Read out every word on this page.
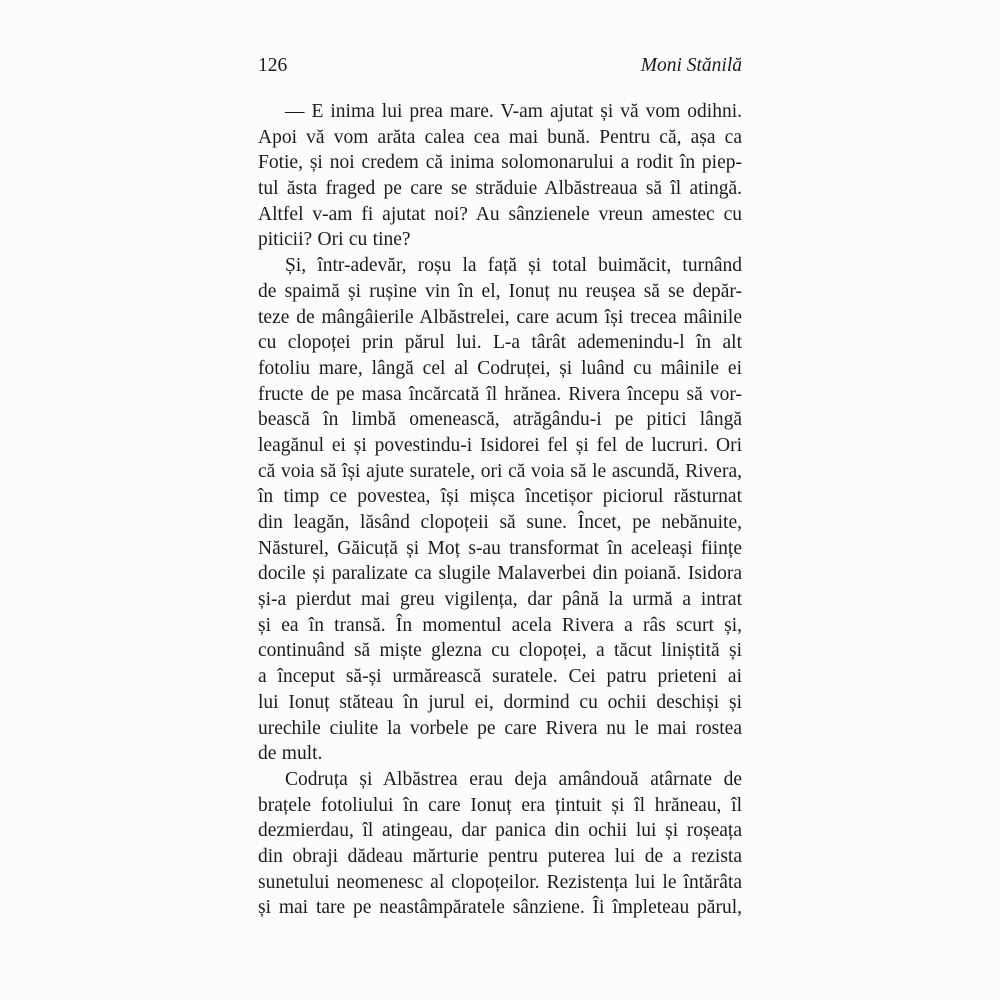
126	Moni Stănilă
— E inima lui prea mare. V-am ajutat și vă vom odihni.
Apoi vă vom arăta calea cea mai bună. Pentru că, așa ca
Fotie, și noi credem că inima solomonarului a rodit în piep-
tul ăsta fraged pe care se străduie Albăstreaua să îl atingă.
Altfel v-am fi ajutat noi? Au sânzienele vreun amestec cu
piticii? Ori cu tine?
Și, într-adevăr, roșu la față și total buimăcit, turnând
de spaimă și rușine vin în el, Ionuț nu reușea să se depăr-
teze de mângâierile Albăstrelei, care acum își trecea mâinile
cu clopoței prin părul lui. L-a târât ademenindu-l în alt
fotoliu mare, lângă cel al Codruței, și luând cu mâinile ei
fructe de pe masa încărcată îl hrănea. Rivera începu să vor-
bească în limbă omenească, atrăgându-i pe pitici lângă
leagănul ei și povestindu-i Isidorei fel și fel de lucruri. Ori
că voia să își ajute suratele, ori că voia să le ascundă, Rivera,
în timp ce povestea, își mișca încetișor piciorul răsturnat
din leagăn, lăsând clopoțeii să sune. Încet, pe nebănuite,
Năsturel, Găicuță și Moț s-au transformat în aceleași ființe
docile și paralizate ca slugile Malaverbei din poiană. Isidora
și-a pierdut mai greu vigilența, dar până la urmă a intrat
și ea în transă. În momentul acela Rivera a râs scurt și,
continuând să miște glezna cu clopoței, a tăcut liniștită și
a început să-și urmărească suratele. Cei patru prieteni ai
lui Ionuț stăteau în jurul ei, dormind cu ochii deschiși și
urechile ciulite la vorbele pe care Rivera nu le mai rostea
de mult.
Codruța și Albăstrea erau deja amândouă atârnate de
brațele fotoliului în care Ionuț era țintuit și îl hrăneau, îl
dezmierdau, îl atingeau, dar panica din ochii lui și roșeața
din obraji dădeau mărturie pentru puterea lui de a rezista
sunetului neomenesc al clopoțeilor. Rezistența lui le întărâta
și mai tare pe neastâmpăratele sânziene. Îi împleteau părul,
